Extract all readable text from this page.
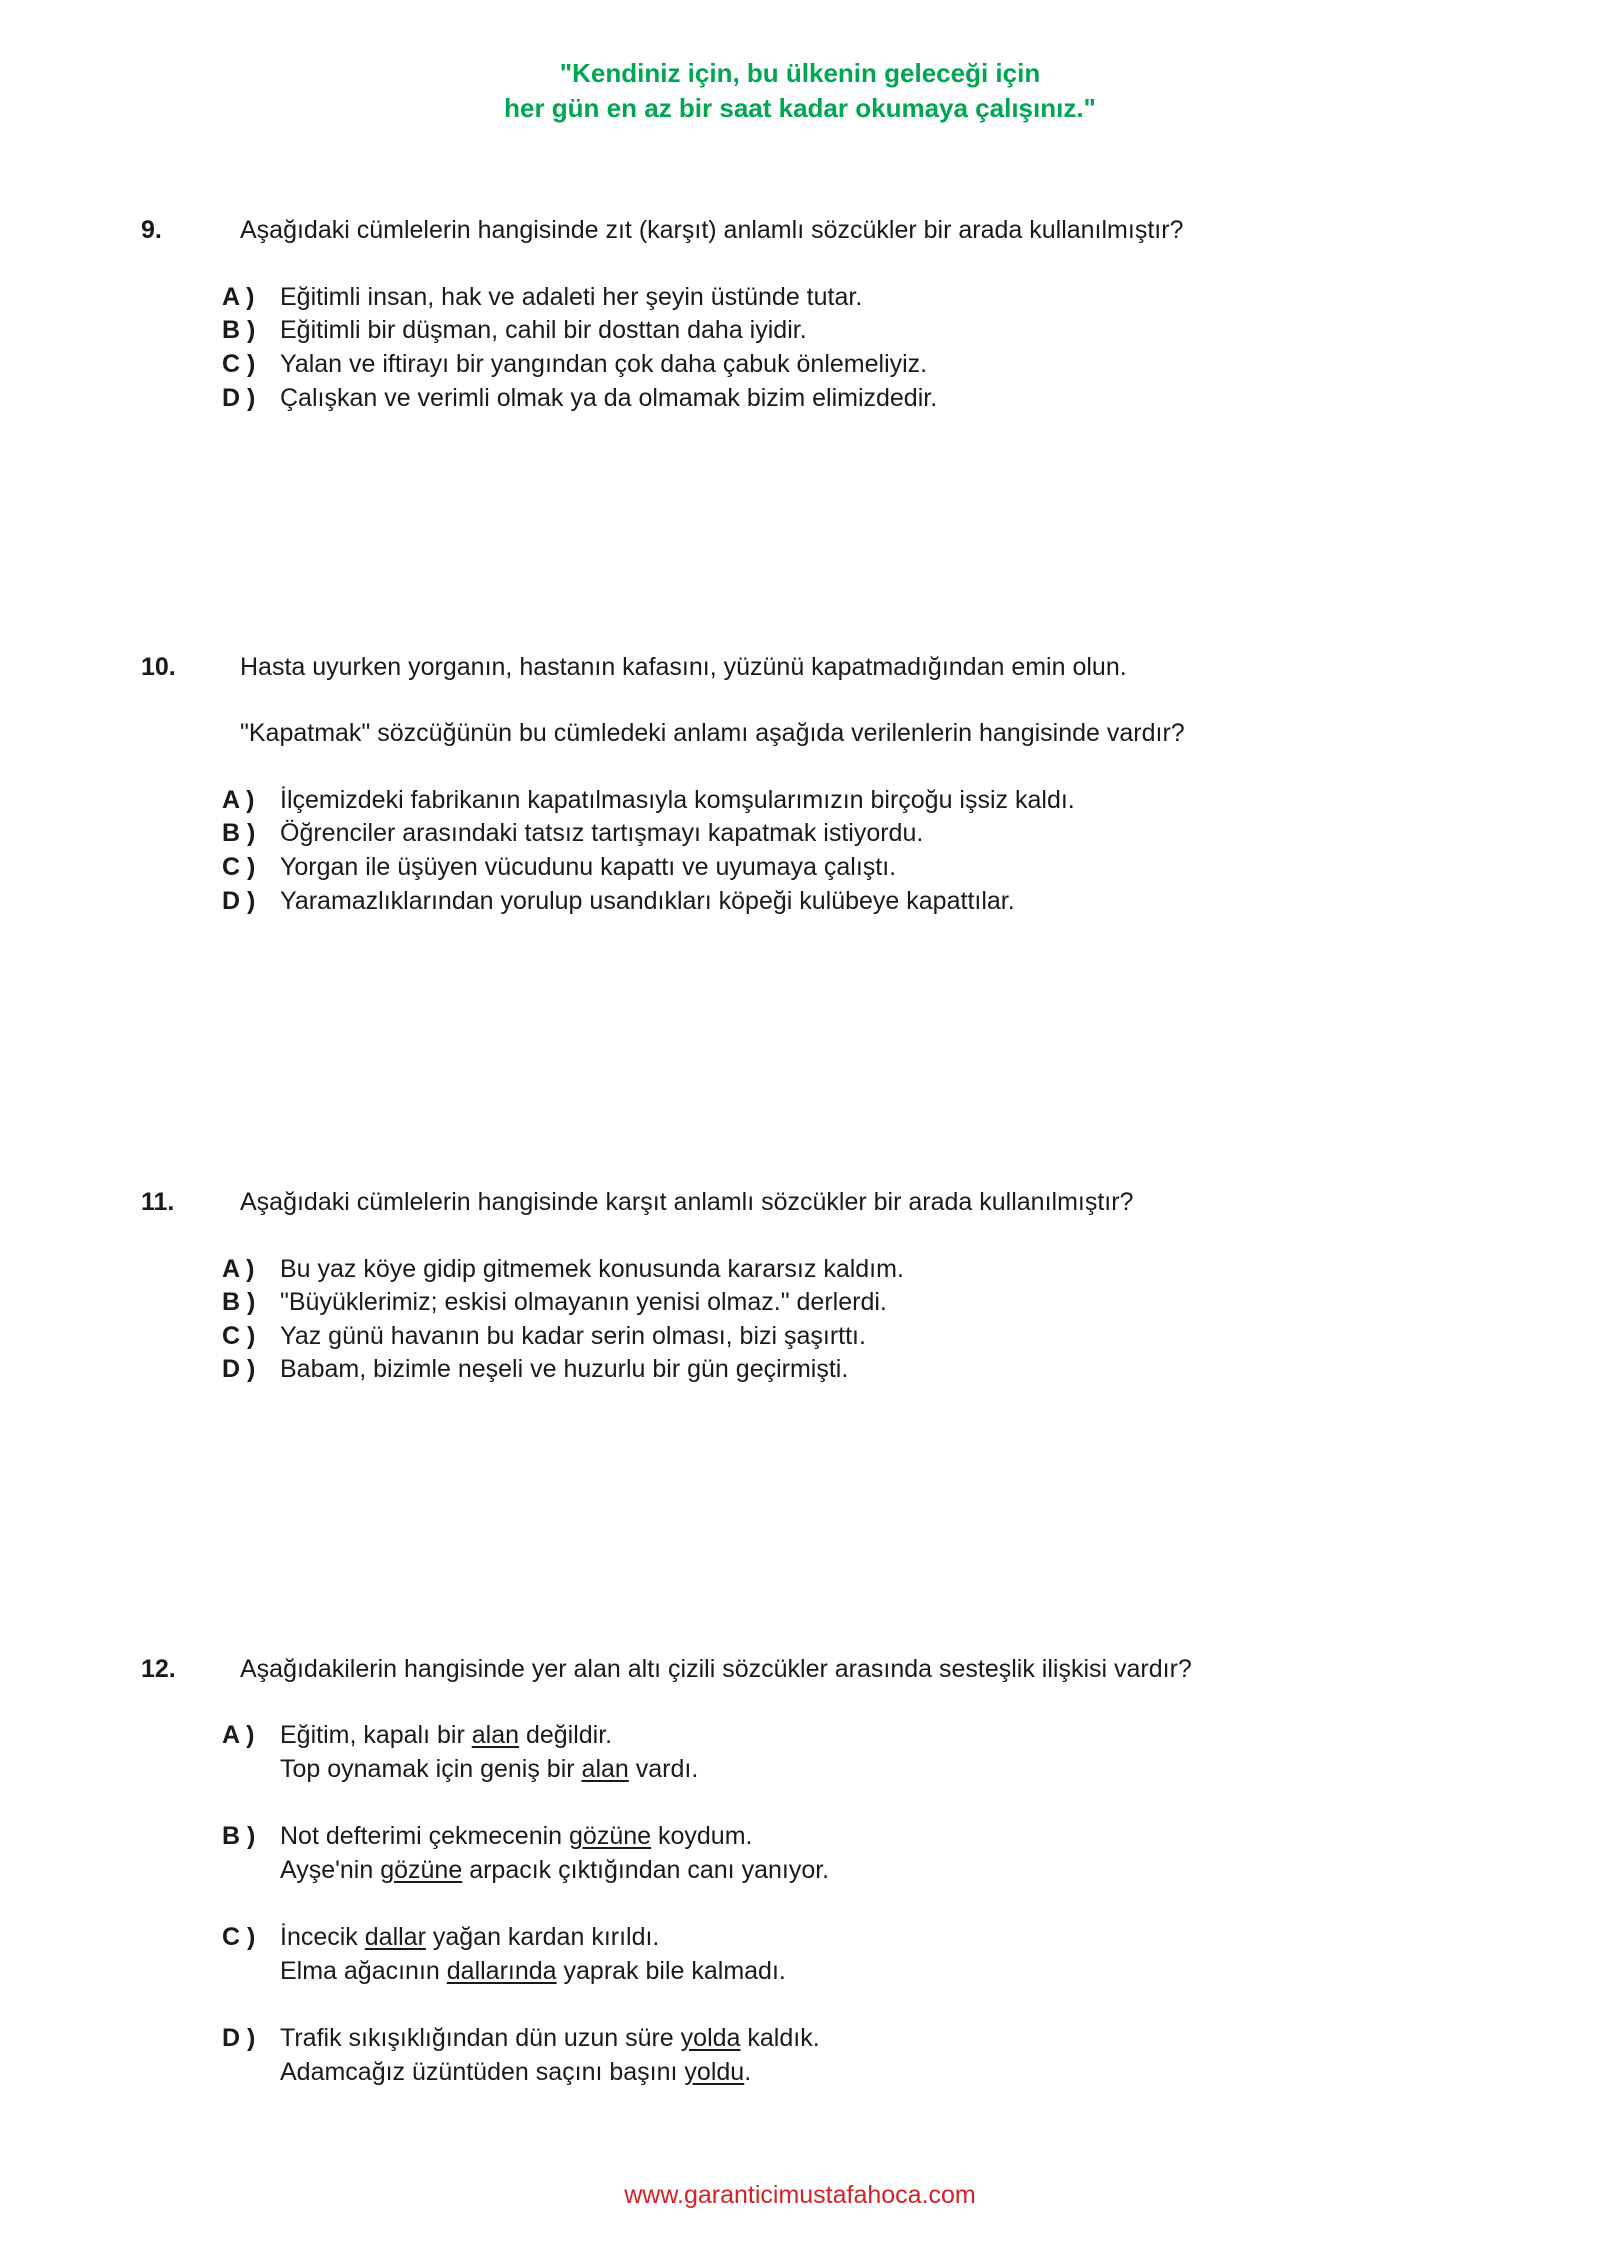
"Kendiniz için, bu ülkenin geleceği için
her gün en az bir saat kadar okumaya çalışınız."
9.	Aşağıdaki cümlelerin hangisinde zıt (karşıt) anlamlı sözcükler bir arada kullanılmıştır?
A ) Eğitimli insan, hak ve adaleti her şeyin üstünde tutar.
B ) Eğitimli bir düşman, cahil bir dosttan daha iyidir.
C ) Yalan ve iftirayı bir yangından çok daha çabuk önlemeliyiz.
D ) Çalışkan ve verimli olmak ya da olmamak bizim elimizdedir.
10.	Hasta uyurken yorganın, hastanın kafasını, yüzünü kapatmadığından emin olun.
"Kapatmak" sözcüğünün bu cümledeki anlamı aşağıda verilenlerin hangisinde vardır?
A ) İlçemizdeki fabrikanın kapatılmasıyla komşularımızın birçoğu işsiz kaldı.
B ) Öğrenciler arasındaki tatsız tartışmayı kapatmak istiyordu.
C ) Yorgan ile üşüyen vücudunu kapattı ve uyumaya çalıştı.
D ) Yaramazlıklarından yorulup usandıkları köpeği kulübeye kapattılar.
11.	Aşağıdaki cümlelerin hangisinde karşıt anlamlı sözcükler bir arada kullanılmıştır?
A ) Bu yaz köye gidip gitmemek konusunda kararsız kaldım.
B ) "Büyüklerimiz; eskisi olmayanın yenisi olmaz." derlerdi.
C ) Yaz günü havanın bu kadar serin olması, bizi şaşırttı.
D ) Babam, bizimle neşeli ve huzurlu bir gün geçirmişti.
12.	Aşağıdakilerin hangisinde yer alan altı çizili sözcükler arasında sesteşlik ilişkisi vardır?
A ) Eğitim, kapalı bir alan değildir.
Top oynamak için geniş bir alan vardı.
B ) Not defterimi çekmecenin gözüne koydum.
Ayşe'nin gözüne arpacık çıktığından canı yanıyor.
C ) İncecik dallar yağan kardan kırıldı.
Elma ağacının dallarında yaprak bile kalmadı.
D ) Trafik sıkışıklığından dün uzun süre yolda kaldık.
Adamcağız üzüntüden saçını başını yoldu.
www.garanticimustafahoca.com
